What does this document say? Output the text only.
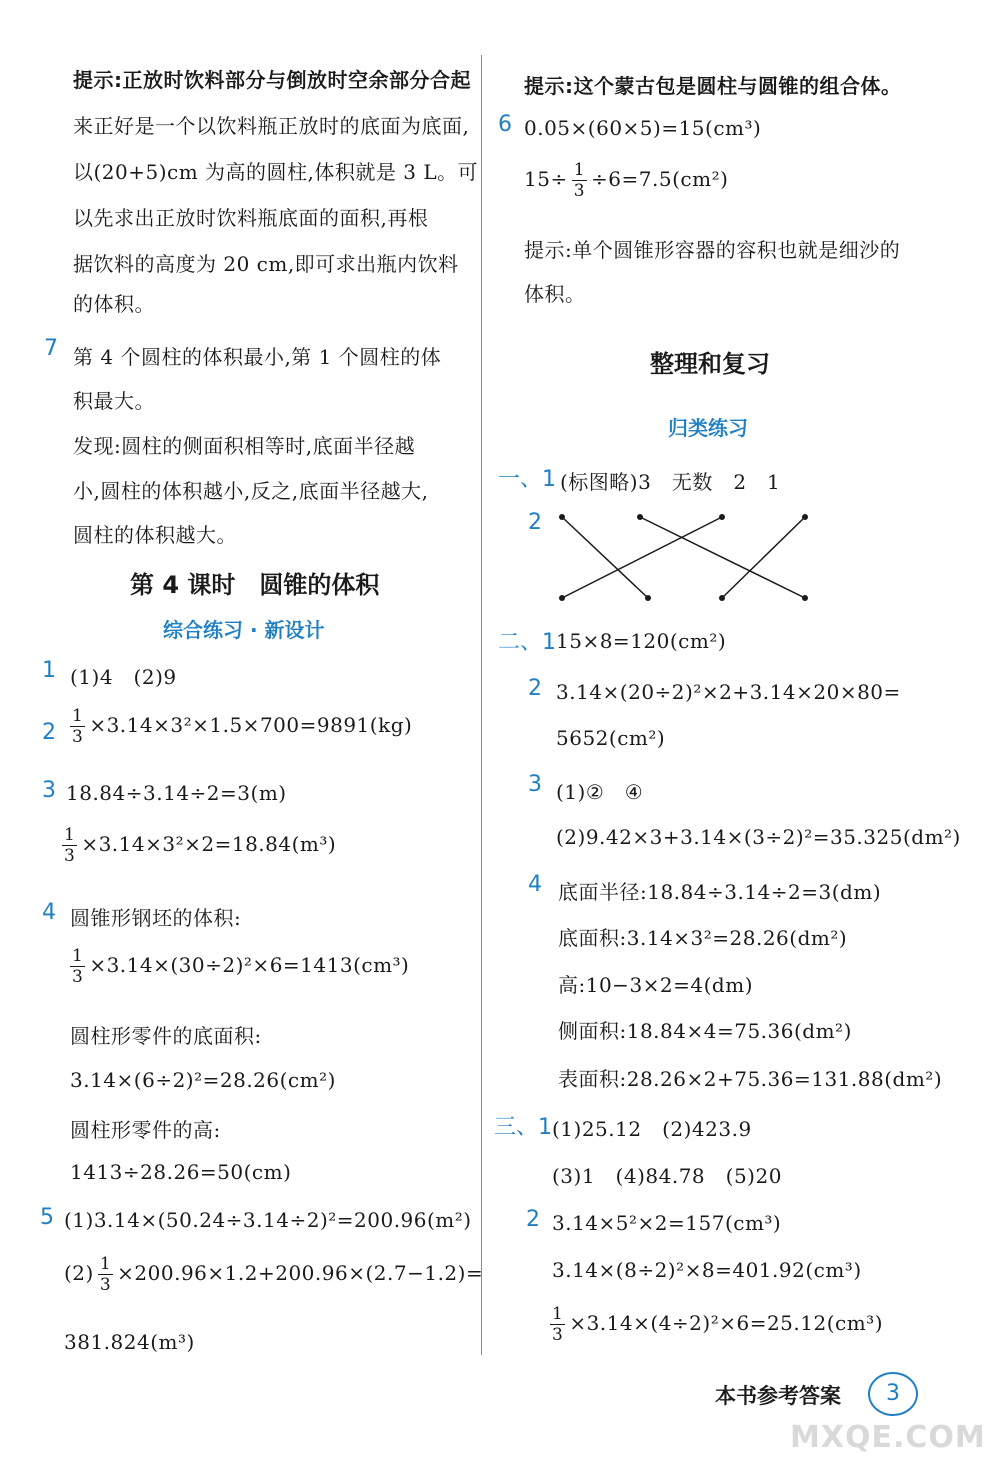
提示:正放时饮料部分与倒放时空余部分合起
来正好是一个以饮料瓶正放时的底面为底面,
以(20+5)cm 为高的圆柱,体积就是 3 L。可
以先求出正放时饮料瓶底面的面积,再根
据饮料的高度为 20 cm,即可求出瓶内饮料
的体积。
7 第 4 个圆柱的体积最小,第 1 个圆柱的体
积最大。
发现:圆柱的侧面积相等时,底面半径越
小,圆柱的体积越小,反之,底面半径越大,
圆柱的体积越大。
第 4 课时　圆锥的体积
综合练习 · 新设计
1 (1)4　(2)9
$2 \frac{1}{3} \times 3.14\times 3^2\times 1.5\times 700=9891(kg)$
3 18.84÷3.14÷2=3(m)
$\frac{1}{3} \times 3.14\times 3^2\times 2=18.84(m^3)$
4 圆锥形钢坯的体积:
$\frac{1}{3} \times 3.14\times(30\div 2)^2\times 6=1413(cm^3)$
圆柱形零件的底面积:
3.14×(6÷2)²=28.26(cm²)
圆柱形零件的高:
1413÷28.26=50(cm)
5 (1)3.14×(50.24÷3.14÷2)²=200.96(m²)
$(2) \frac{1}{3} \times 200.96\times 1.2+200.96\times(2.7-1.2)=$
381.824(m³)
提示:这个蒙古包是圆柱与圆锥的组合体。
6 0.05×(60×5)=15(cm³)
$15\div \frac{1}{3} \div 6=7.5(cm^2)$
提示:单个圆锥形容器的容积也就是细沙的
体积。
整理和复习
归类练习
一、1 (标图略)3　无数　2　1
2
二、1 15×8=120(cm²)
2 3.14×(20÷2)²×2+3.14×20×80=
5652(cm²)
3 (1)②　④
(2)9.42×3+3.14×(3÷2)²=35.325(dm²)
4 底面半径:18.84÷3.14÷2=3(dm)
底面积:3.14×3²=28.26(dm²)
高:10−3×2=4(dm)
侧面积:18.84×4=75.36(dm²)
表面积:28.26×2+75.36=131.88(dm²)
三、1 (1)25.12　(2)423.9
(3)1　(4)84.78　(5)20
2 3.14×5²×2=157(cm³)
3.14×(8÷2)²×8=401.92(cm³)
$\frac{1}{3} \times 3.14\times(4\div 2)^2\times 6=25.12(cm^3)$
本书参考答案	3
MXQE.COM
